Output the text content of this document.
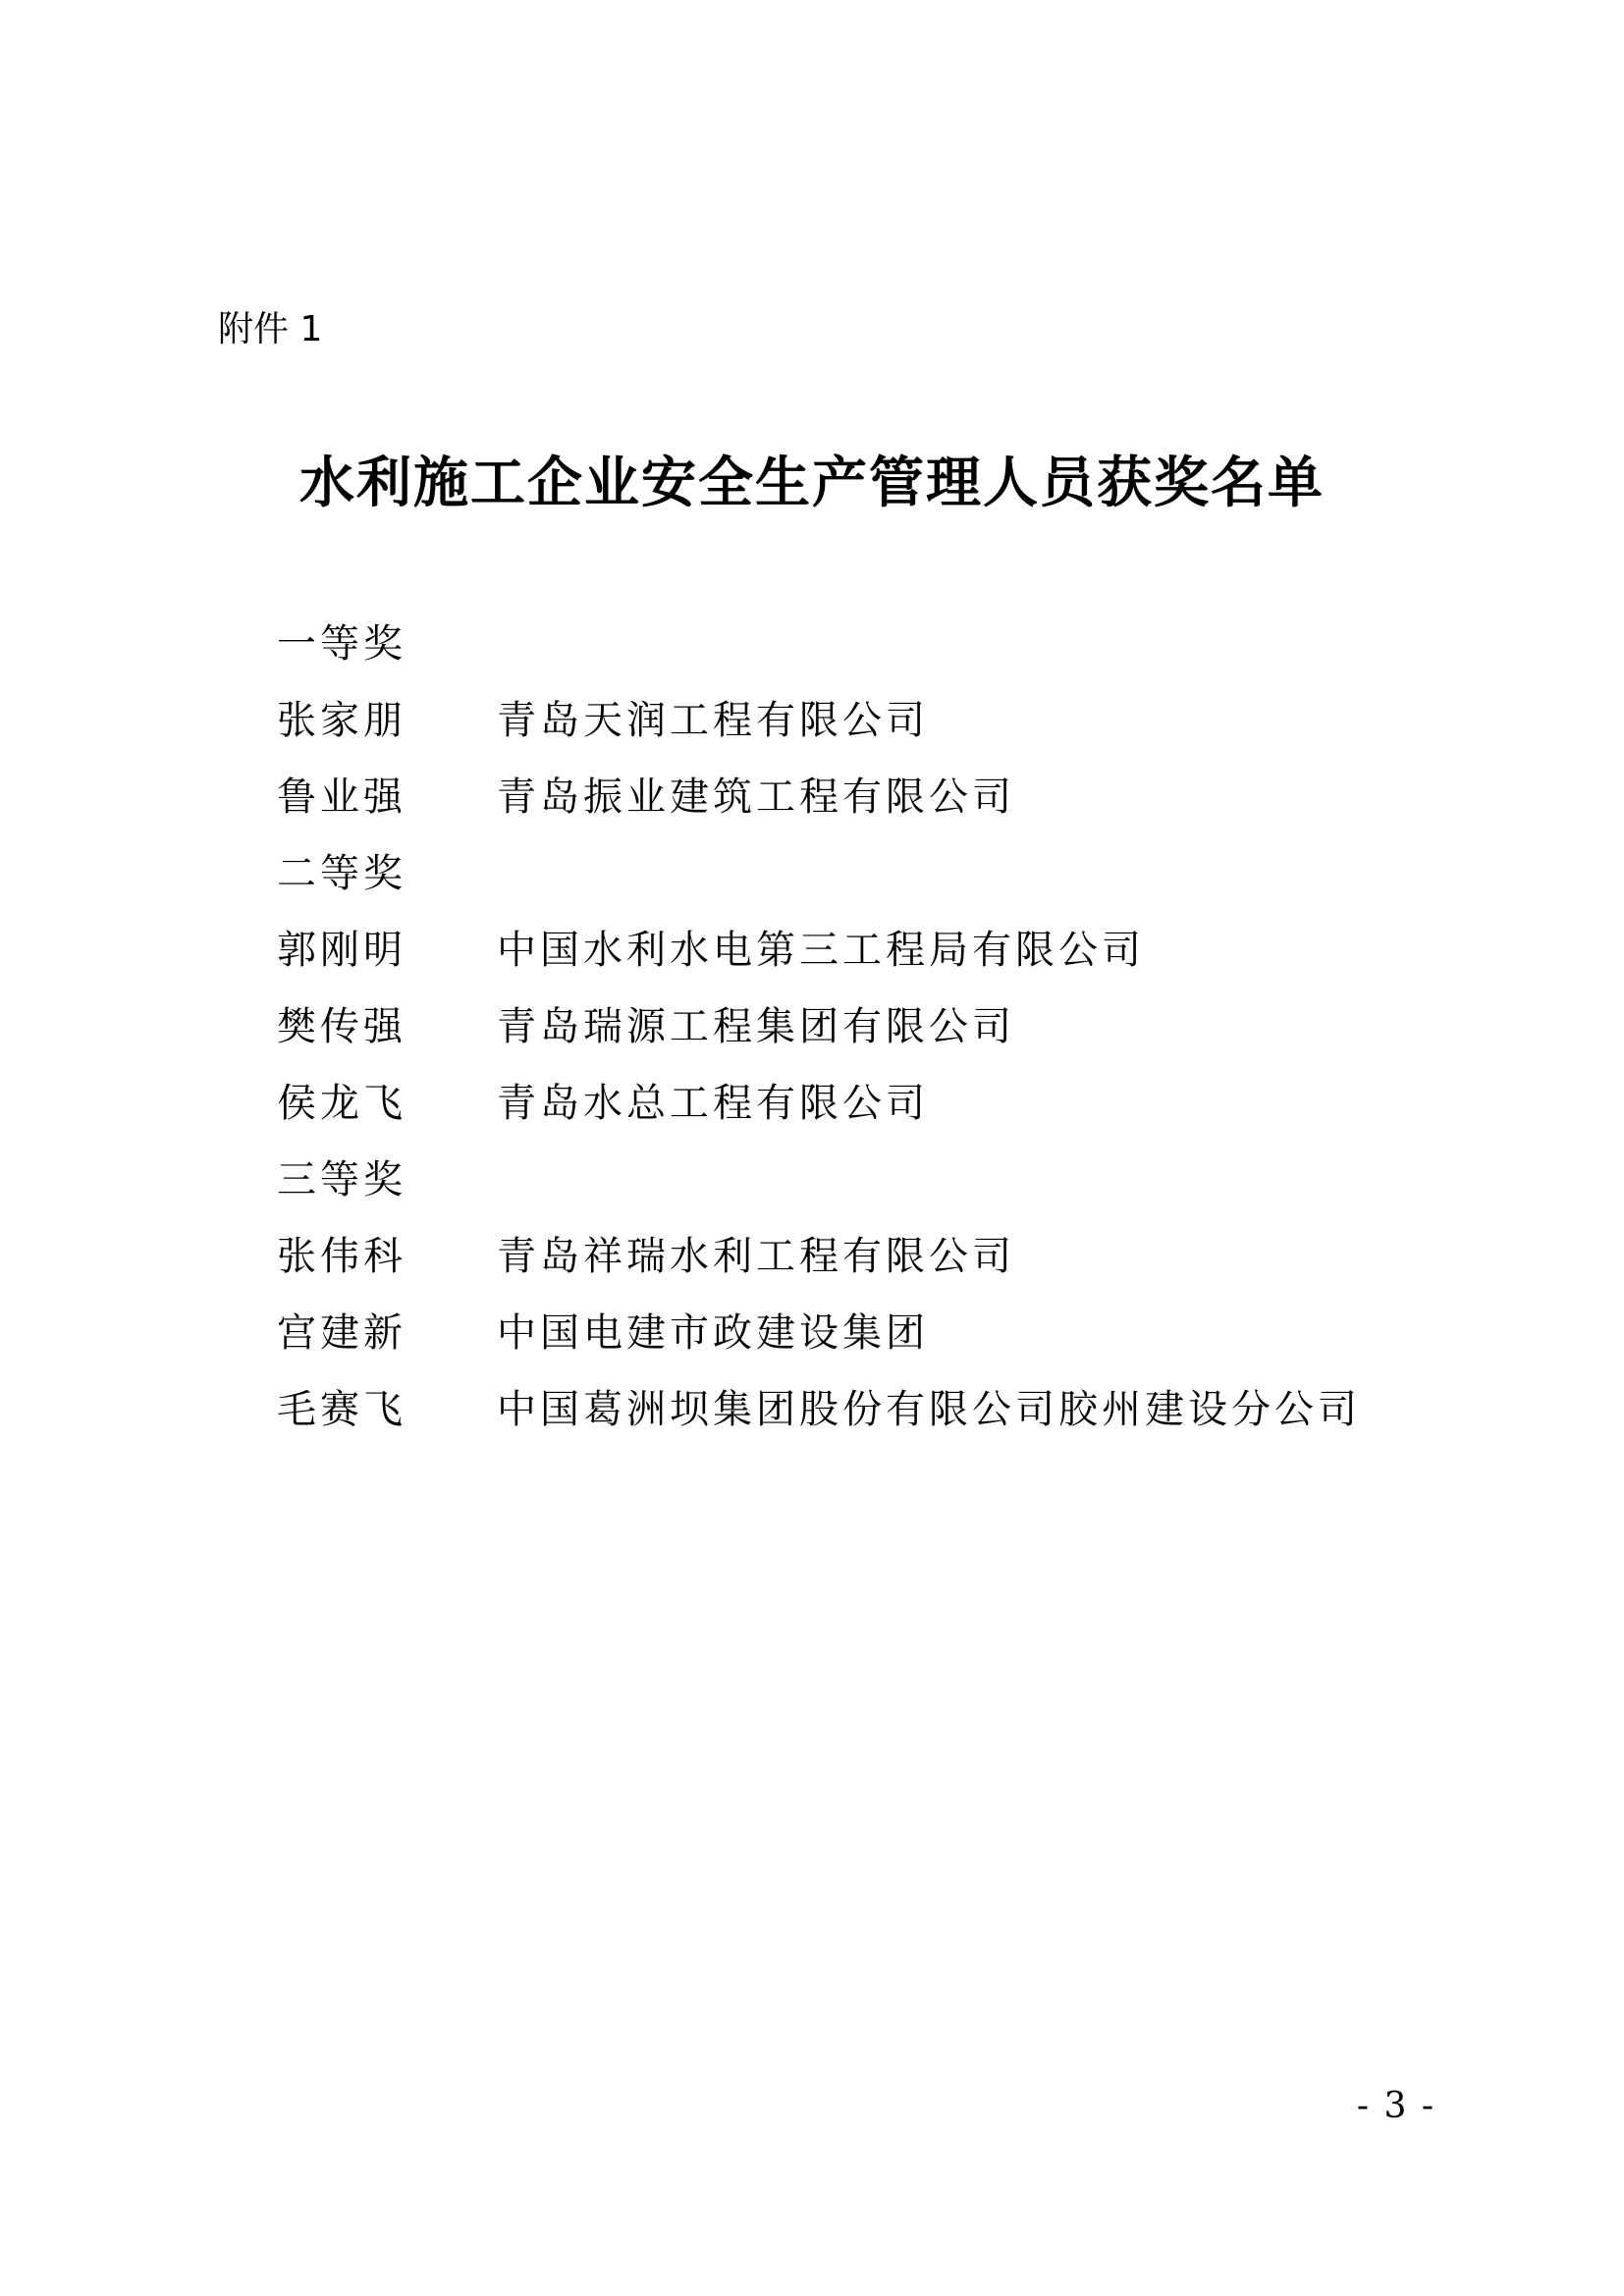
附件 1
水利施工企业安全生产管理人员获奖名单
一等奖
张家朋 青岛天润工程有限公司
鲁业强 青岛振业建筑工程有限公司
二等奖
郭刚明 中国水利水电第三工程局有限公司
樊传强 青岛瑞源工程集团有限公司
侯龙飞 青岛水总工程有限公司
三等奖
张伟科 青岛祥瑞水利工程有限公司
宫建新 中国电建市政建设集团
毛赛飞 中国葛洲坝集团股份有限公司胶州建设分公司
- 3 -
